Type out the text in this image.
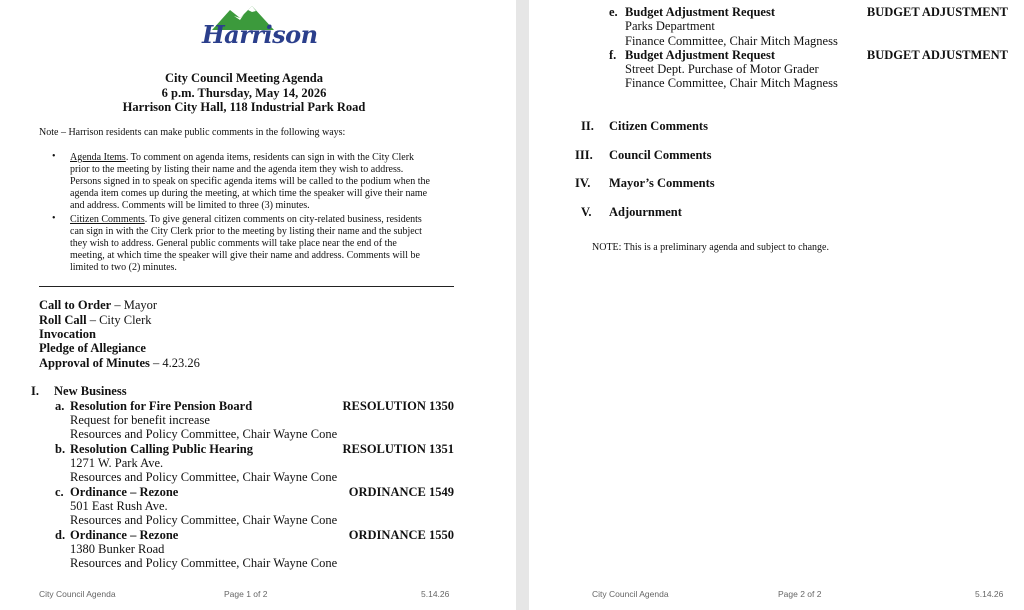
Harrison
City Council Meeting Agenda
6 p.m. Thursday, May 14, 2026
Harrison City Hall, 118 Industrial Park Road
Note – Harrison residents can make public comments in the following ways:
• Agenda Items. To comment on agenda items, residents can sign in with the City Clerk
prior to the meeting by listing their name and the agenda item they wish to address.
Persons signed in to speak on specific agenda items will be called to the podium when the
agenda item comes up during the meeting, at which time the speaker will give their name
and address. Comments will be limited to three (3) minutes.
• Citizen Comments. To give general citizen comments on city-related business, residents
can sign in with the City Clerk prior to the meeting by listing their name and the subject
they wish to address. General public comments will take place near the end of the
meeting, at which time the speaker will give their name and address. Comments will be
limited to two (2) minutes.
Call to Order – Mayor
Roll Call – City Clerk
Invocation
Pledge of Allegiance
Approval of Minutes – 4.23.26
I. New Business
a. Resolution for Fire Pension Board	RESOLUTION 1350
Request for benefit increase
Resources and Policy Committee, Chair Wayne Cone
b. Resolution Calling Public Hearing	RESOLUTION 1351
1271 W. Park Ave.
Resources and Policy Committee, Chair Wayne Cone
c. Ordinance – Rezone	ORDINANCE 1549
501 East Rush Ave.
Resources and Policy Committee, Chair Wayne Cone
d. Ordinance – Rezone	ORDINANCE 1550
1380 Bunker Road
Resources and Policy Committee, Chair Wayne Cone
City Council Agenda	Page 1 of 2	5.14.26
e. Budget Adjustment Request	BUDGET ADJUSTMENT
Parks Department
Finance Committee, Chair Mitch Magness
f. Budget Adjustment Request	BUDGET ADJUSTMENT
Street Dept. Purchase of Motor Grader
Finance Committee, Chair Mitch Magness
II. Citizen Comments
III. Council Comments
IV. Mayor’s Comments
V. Adjournment
NOTE: This is a preliminary agenda and subject to change.
City Council Agenda	Page 2 of 2	5.14.26
